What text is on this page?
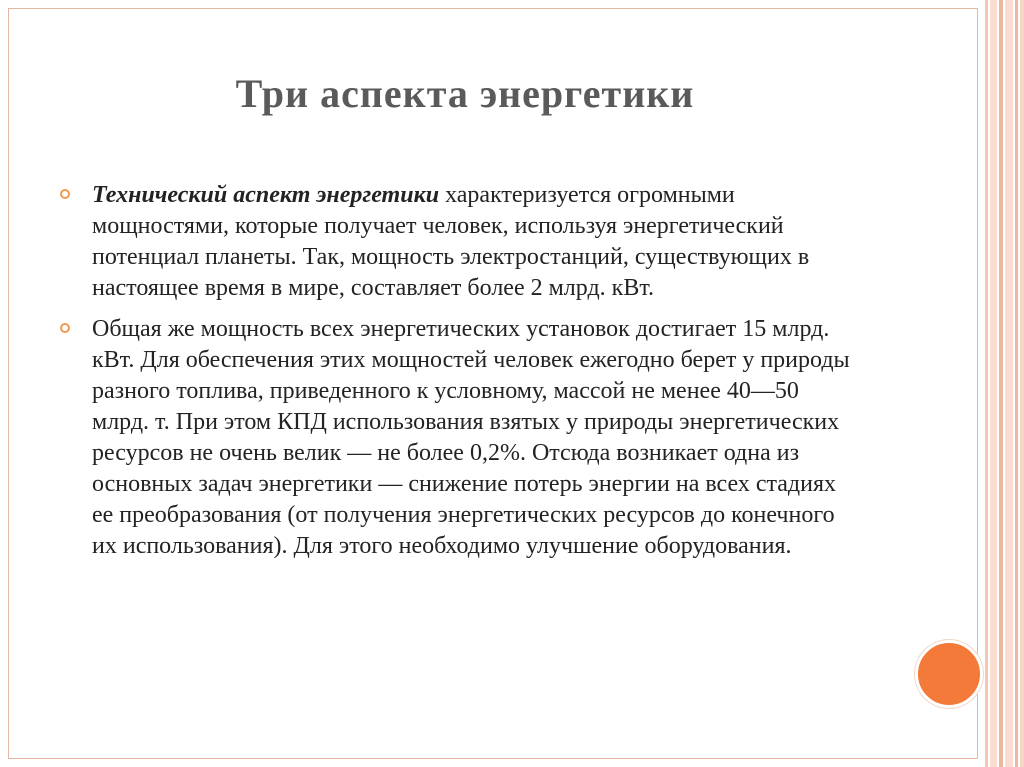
Три аспекта энергетики

Технический аспект энергетики характеризуется огромными мощностями, которые получает человек, используя энергетический потенциал планеты. Так, мощность электростанций, существующих в настоящее время в мире, составляет более 2 млрд. кВт.

Общая же мощность всех энергетических установок достигает 15 млрд. кВт. Для обеспечения этих мощностей человек ежегодно берет у природы разного топлива, приведенного к условному, массой не менее 40—50 млрд. т. При этом КПД использования взятых у природы энергетических ресурсов не очень велик — не более 0,2%. Отсюда возникает одна из основных задач энергетики — снижение потерь энергии на всех стадиях ее преобразования (от получения энергетических ресурсов до конечного их использования). Для этого необходимо улучшение оборудования.
